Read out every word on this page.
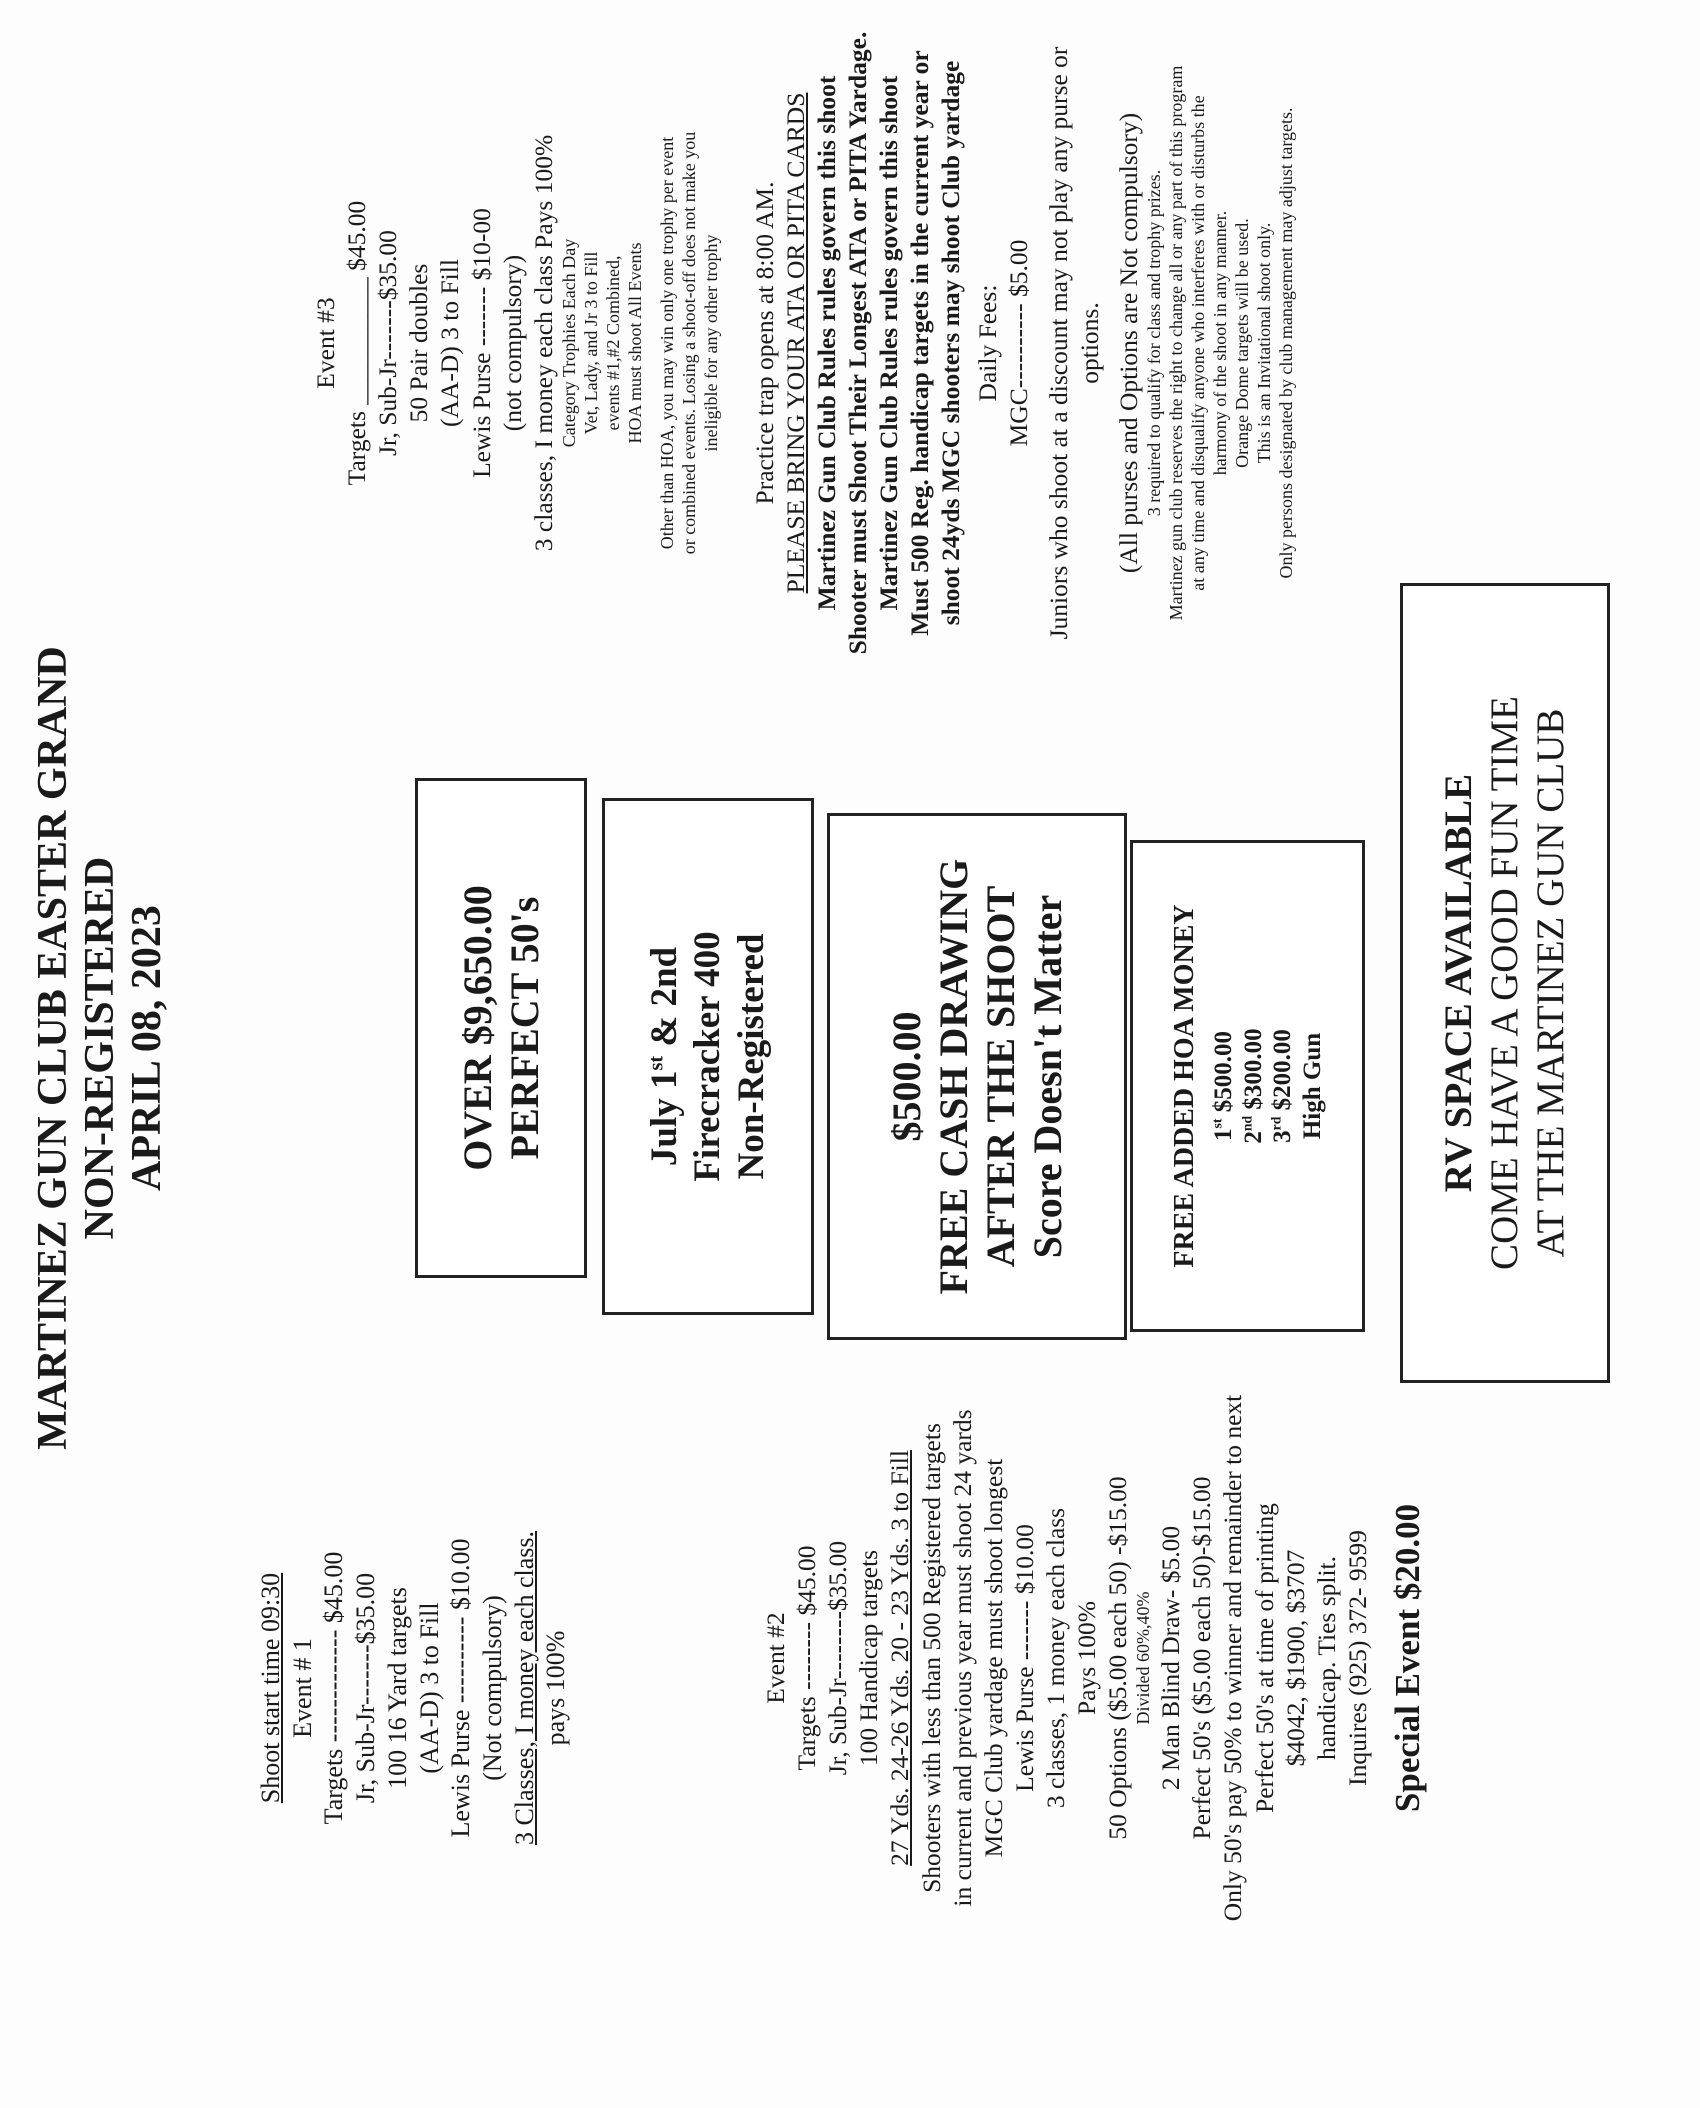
MARTINEZ GUN CLUB EASTER GRAND NON-REGISTERED APRIL 08, 2023
Shoot start time 09:30 Event # 1 Targets ------------- $45.00 Jr, Sub-Jr-------$35.00 100 16 Yard targets (AA-D) 3 to Fill Lewis Purse ---------- $10.00 (Not compulsory) 3 Classes, I money each class. pays 100%	Event #2 Targets -------- $45.00 Jr, Sub-Jr--------$35.00 100 Handicap targets 27 Yds. 24-26 Yds. 20 - 23 Yds. 3 to Fill Shooters with less than 500 Registered targets in current and previous year must shoot 24 yards MGC Club yardage must shoot longest Lewis Purse ------- $10.00 3 classes, 1 money each class Pays 100% 50 Options ($5.00 each 50) -$15.00 Divided 60%,40% 2 Man Blind Draw- $5.00 Perfect 50's ($5.00 each 50)-$15.00 Only 50's pay 50% to winner and remainder to next Perfect 50's at time of printing $4042, $1900, $3707 handicap. Ties split. Inquires (925) 372- 9599 Special Event $20.00
OVER $9,650.00 PERFECT 50's	July 1st & 2nd Firecracker 400 Non-Registered	$500.00 FREE CASH DRAWING AFTER THE SHOOT Score Doesn't Matter	FREE ADDED HOA MONEY 1st $500.00
2nd $300.00
3rd $200.00 High Gun	RV SPACE AVAILABLE COME HAVE A GOOD FUN TIME AT THE MARTINEZ GUN CLUB
Event #3 Targets __________ $45.00 Jr, Sub-Jr-------$35.00 50 Pair doubles (AA-D) 3 to Fill Lewis Purse ------- $10-00 (not compulsory) 3 classes, I money each class Pays 100% Category Trophies Each Day Vet, Lady, and Jr 3 to Fill events #1,#2 Combined, HOA must shoot All Events Other than HOA, you may win only one trophy per event or combined events. Losing a shoot-off does not make you ineligible for any other trophy Practice trap opens at 8:00 AM. PLEASE BRING YOUR ATA OR PITA CARDS Martinez Gun Club Rules rules govern this shoot Shooter must Shoot Their Longest ATA or PITA Yardage. Martinez Gun Club Rules rules govern this shoot Must 500 Reg. handicap targets in the current year or shoot 24yds MGC shooters may shoot Club yardage Daily Fees: MGC---------- $5.00 Juniors who shoot at a discount may not play any purse or options. (All purses and Options are Not compulsory) 3 required to qualify for class and trophy prizes. Martinez gun club reserves the right to change all or any part of this program at any time and disqualify anyone who interferes with or disturbs the harmony of the shoot in any manner. Orange Dome targets will be used. This is an Invitational shoot only. Only persons designated by club management may adjust targets.
